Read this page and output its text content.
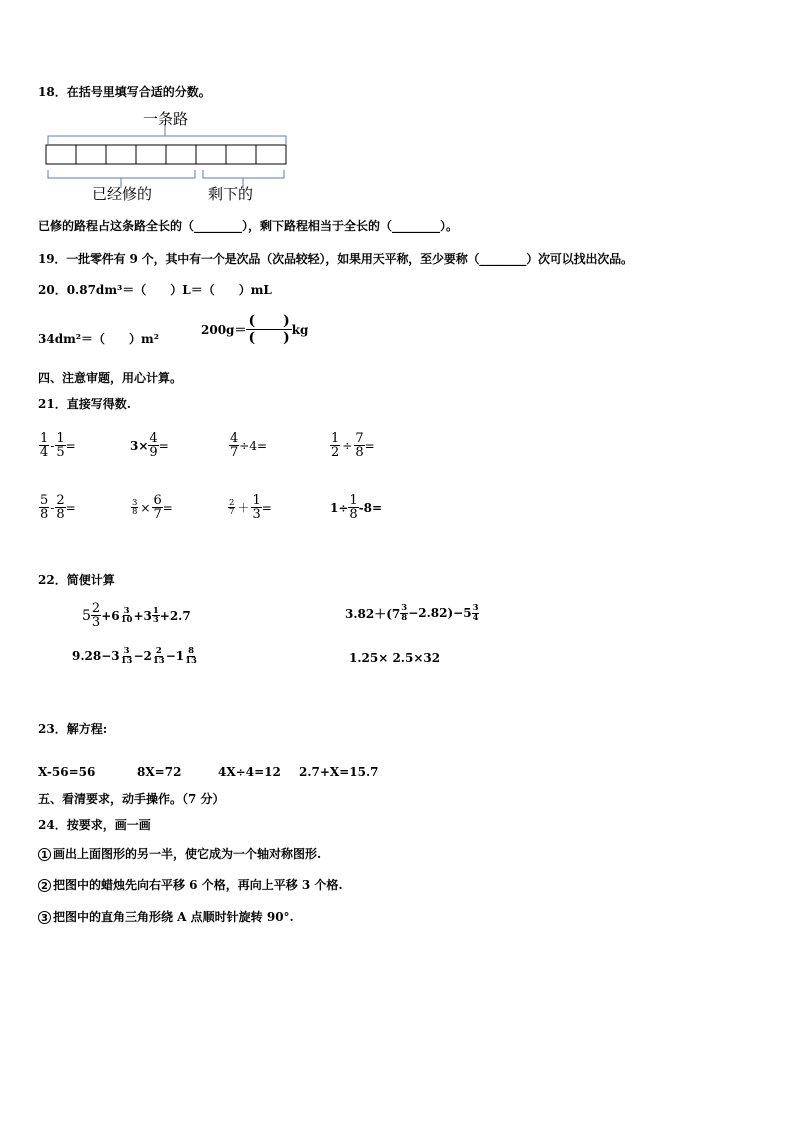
18．在括号里填写合适的分数。
一条路
已经修的	剩下的
已修的路程占这条路全长的（________），剩下路程相当于全长的（________）。
19．一批零件有 9 个，其中有一个是次品（次品较轻），如果用天平称，至少要称（________）次可以找出次品。
20．0.87dm³＝（　　）L＝（　　）mL
34dm²＝（　　）m²
$200g= \frac{( )}{( )}$ kg
四、注意审题，用心计算。
21．直接写得数.
$\frac{1}{4} - \frac{1}{5}$ =	$3\times \frac{4}{9}$ =	$\frac{4}{7} \div 4=$	$\frac{1}{2} \div \frac{7}{8}$ =
$\frac{5}{8} - \frac{2}{8}$ =	$\frac{3}{8} \times \frac{6}{7}$ =	$\frac{2}{7} + \frac{1}{3}$ =	$1\div \frac{1}{8} -8=$
22．简便计算
$5 \frac{2}{3} +6 \frac{3}{10} +3 \frac{1}{3} +2.7$	$3.82+(7 \frac{3}{8} -2.82)-5 \frac{3}{4}$
$9.28-3 \frac{3}{13} -2 \frac{2}{13} -1 \frac{8}{13}$	1.25× 2.5×32
23．解方程:
X-56=56	8X=72	4X÷4=12 2.7+X=15.7
五、看清要求，动手操作。（7 分）
24．按要求，画一画
1 画出上面图形的另一半，使它成为一个轴对称图形.
2 把图中的蜡烛先向右平移 6 个格，再向上平移 3 个格.
3 把图中的直角三角形绕 A 点顺时针旋转 90°.
